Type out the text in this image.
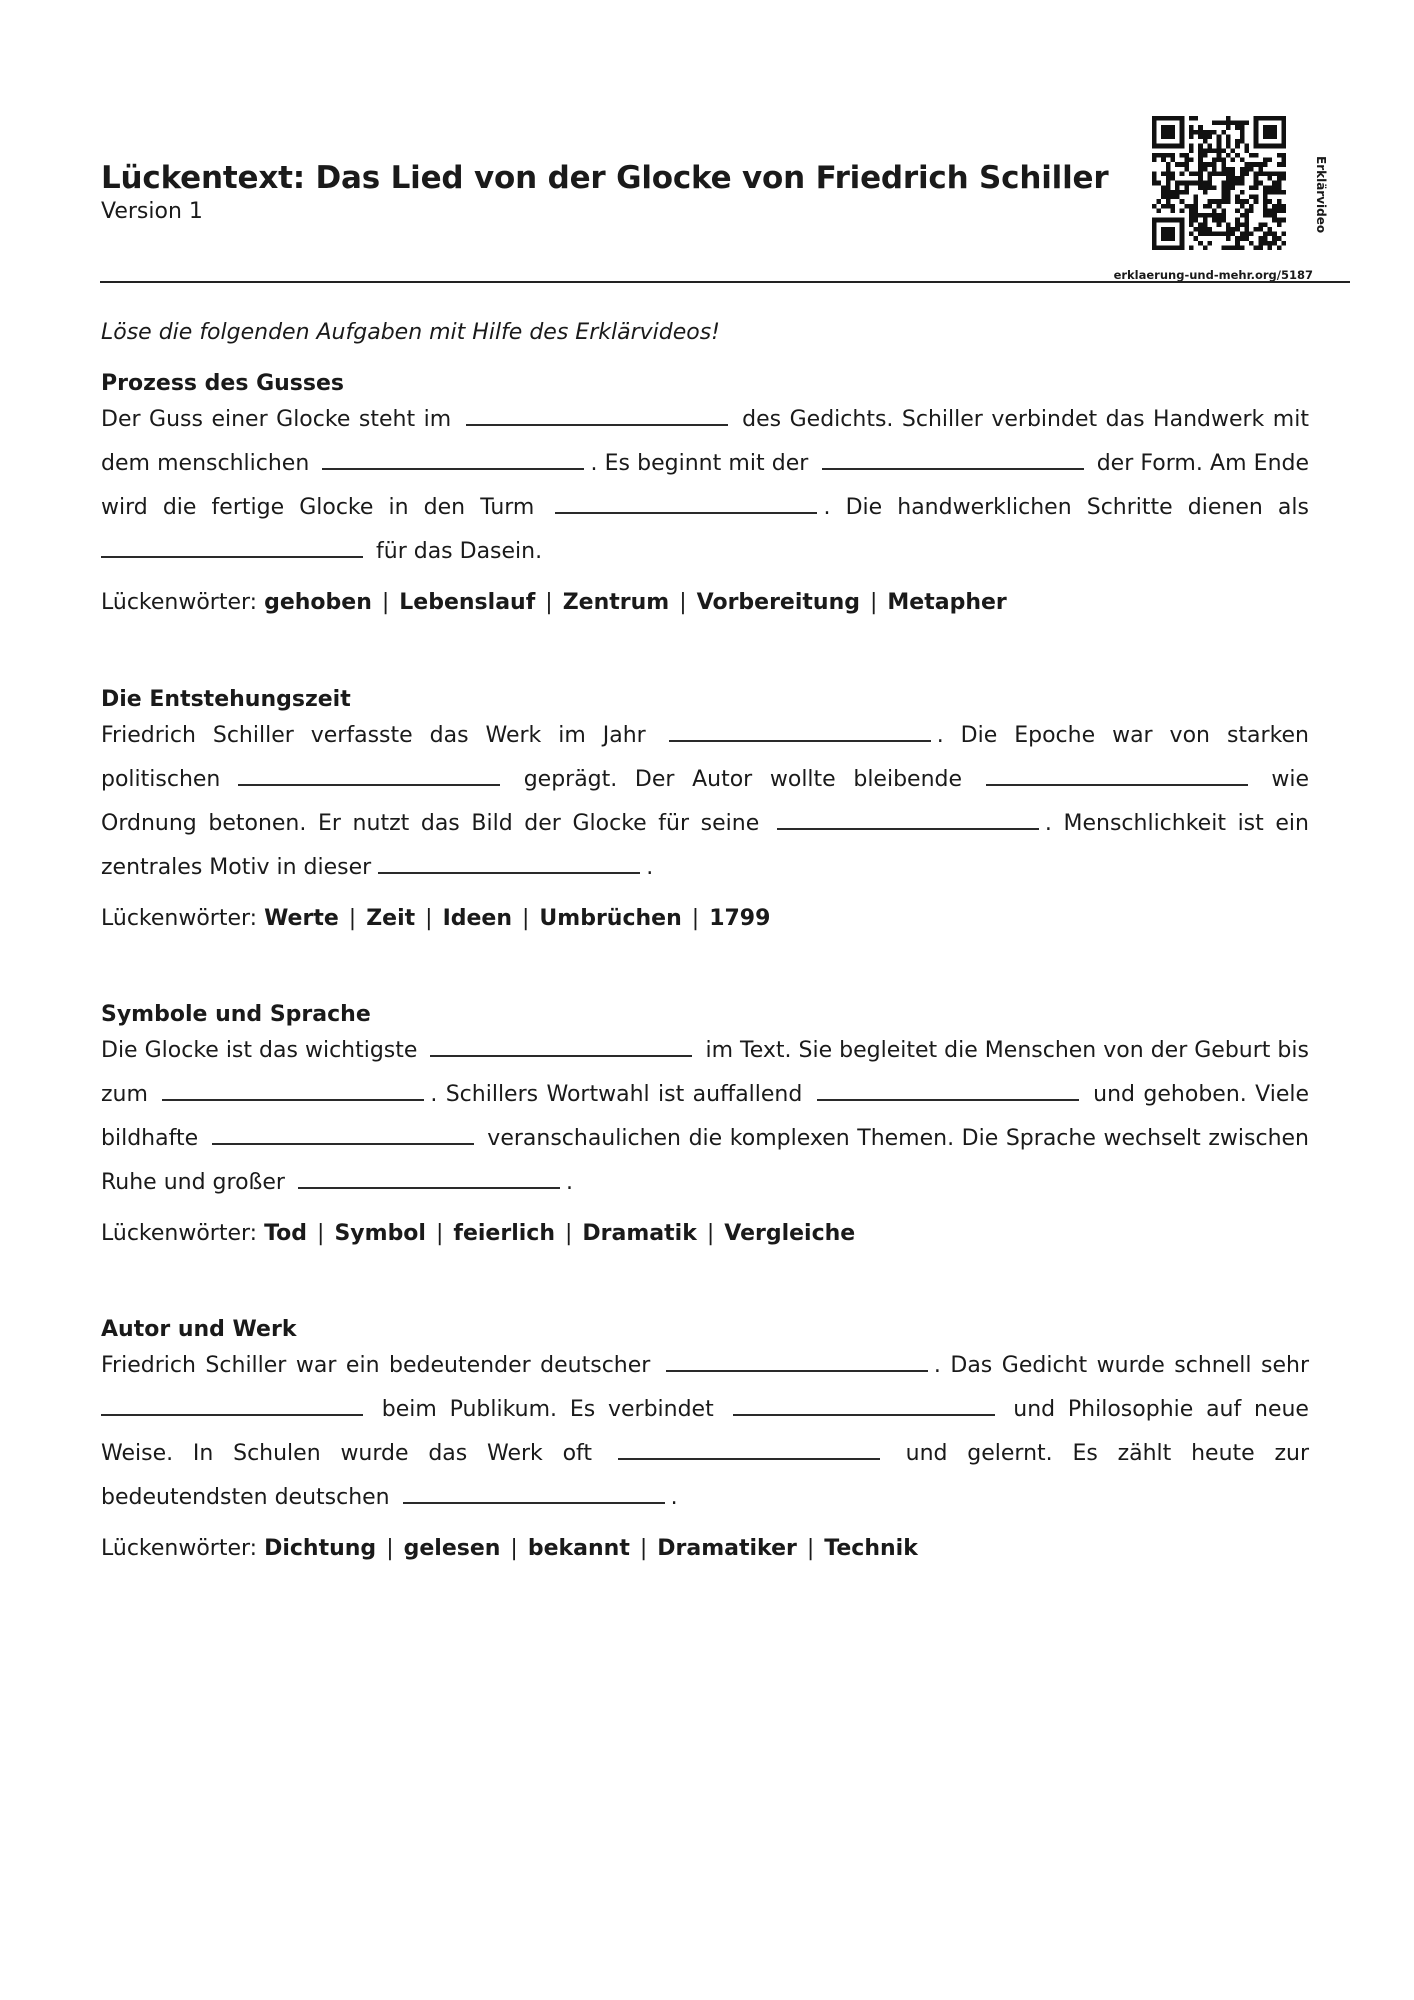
Lückentext: Das Lied von der Glocke von Friedrich Schiller
Version 1	Erklärvideo
erklaerung-und-mehr.org/5187
Löse die folgenden Aufgaben mit Hilfe des Erklärvideos!
Prozess des Gusses

Der Guss einer Glocke steht im	des Gedichts. Schiller verbindet das Handwerk mit dem menschlichen	. Es beginnt mit der	der Form. Am Ende wird die fertige Glocke in den Turm	. Die handwerklichen Schritte dienen als  für das Dasein.

Lückenwörter: gehoben | Lebenslauf | Zentrum | Vorbereitung | Metapher
Die Entstehungszeit

Friedrich Schiller verfasste das Werk im Jahr	. Die Epoche war von starken politischen	geprägt. Der Autor wollte bleibende	wie Ordnung betonen. Er nutzt das Bild der Glocke für seine	. Menschlichkeit ist ein zentrales Motiv in dieser	.

Lückenwörter: Werte | Zeit | Ideen | Umbrüchen | 1799
Symbole und Sprache

Die Glocke ist das wichtigste	im Text. Sie begleitet die Menschen von der Geburt bis zum	. Schillers Wortwahl ist auffallend	und gehoben. Viele bildhafte	veranschaulichen die komplexen Themen. Die Sprache wechselt zwischen Ruhe und großer	.

Lückenwörter: Tod | Symbol | feierlich | Dramatik | Vergleiche
Autor und Werk

Friedrich Schiller war ein bedeutender deutscher	. Das Gedicht wurde schnell sehr  beim Publikum. Es verbindet	und Philosophie auf neue Weise. In Schulen wurde das Werk oft	und gelernt. Es zählt heute zur bedeutendsten deutschen	.

Lückenwörter: Dichtung | gelesen | bekannt | Dramatiker | Technik
